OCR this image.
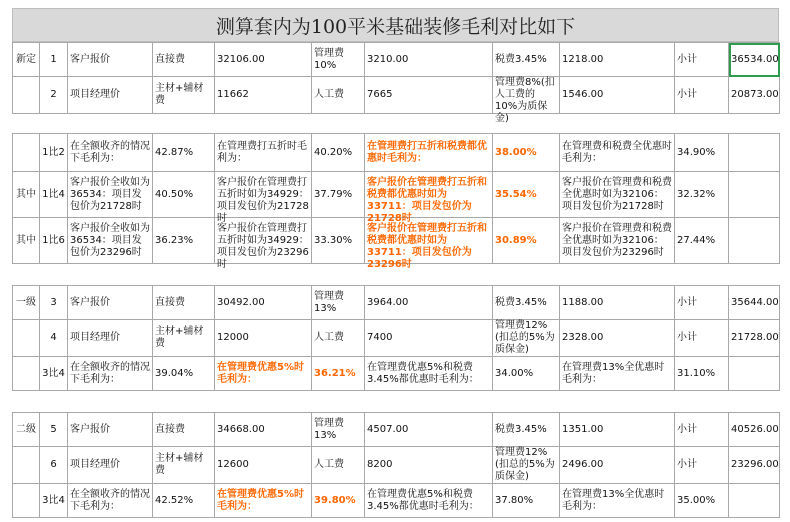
测算套内为100平米基础装修毛利对比如下
新定	1	客户报价	直接费	32106.00	管理费10%	3210.00	税费3.45%	1218.00	小计	36534.00
	2	项目经理价	主材+辅材费	11662	人工费	7665	管理费8%(扣人工费的10%为质保金)	1546.00	小计	20873.00

	1比2	在全额收齐的情况下毛利为：	42.87%	在管理费打五折时毛利为：	40.20%	在管理费打五折和税费都优惠时毛利为：	38.00%	在管理费和税费全优惠时毛利为：	34.90%	
其中	1比4	客户报价全收如为36534：项目发包价为21728时	40.50%	客户报价在管理费打五折时如为34929：项目发包价为21728时	37.79%	客户报价在管理费打五折和税费都优惠时如为33711：项目发包价为21728时	35.54%	客户报价在管理费和税费全优惠时如为32106：项目发包价为21728时	32.32%	
其中	1比6	客户报价全收如为36534：项目发包价为23296时	36.23%	客户报价在管理费打五折时如为34929：项目发包价为23296时	33.30%	客户报价在管理费打五折和税费都优惠时如为33711：项目发包价为23296时	30.89%	客户报价在管理费和税费全优惠时如为32106：项目发包价为23296时	27.44%	

一级	3	客户报价	直接费	30492.00	管理费13%	3964.00	税费3.45%	1188.00	小计	35644.00
	4	项目经理价	主材+辅材费	12000	人工费	7400	管理费12%(扣总的5%为质保金)	2328.00	小计	21728.00
	3比4	在全额收齐的情况下毛利为：	39.04%	在管理费优惠5%时毛利为：	36.21%	在管理费优惠5%和税费3.45%都优惠时毛利为：	34.00%	在管理费13%全优惠时毛利为：	31.10%	

二级	5	客户报价	直接费	34668.00	管理费13%	4507.00	税费3.45%	1351.00	小计	40526.00
	6	项目经理价	主材+辅材费	12600	人工费	8200	管理费12%(扣总的5%为质保金)	2496.00	小计	23296.00
	3比4	在全额收齐的情况下毛利为：	42.52%	在管理费优惠5%时毛利为：	39.80%	在管理费优惠5%和税费3.45%都优惠时毛利为：	37.80%	在管理费13%全优惠时毛利为：	35.00%	
